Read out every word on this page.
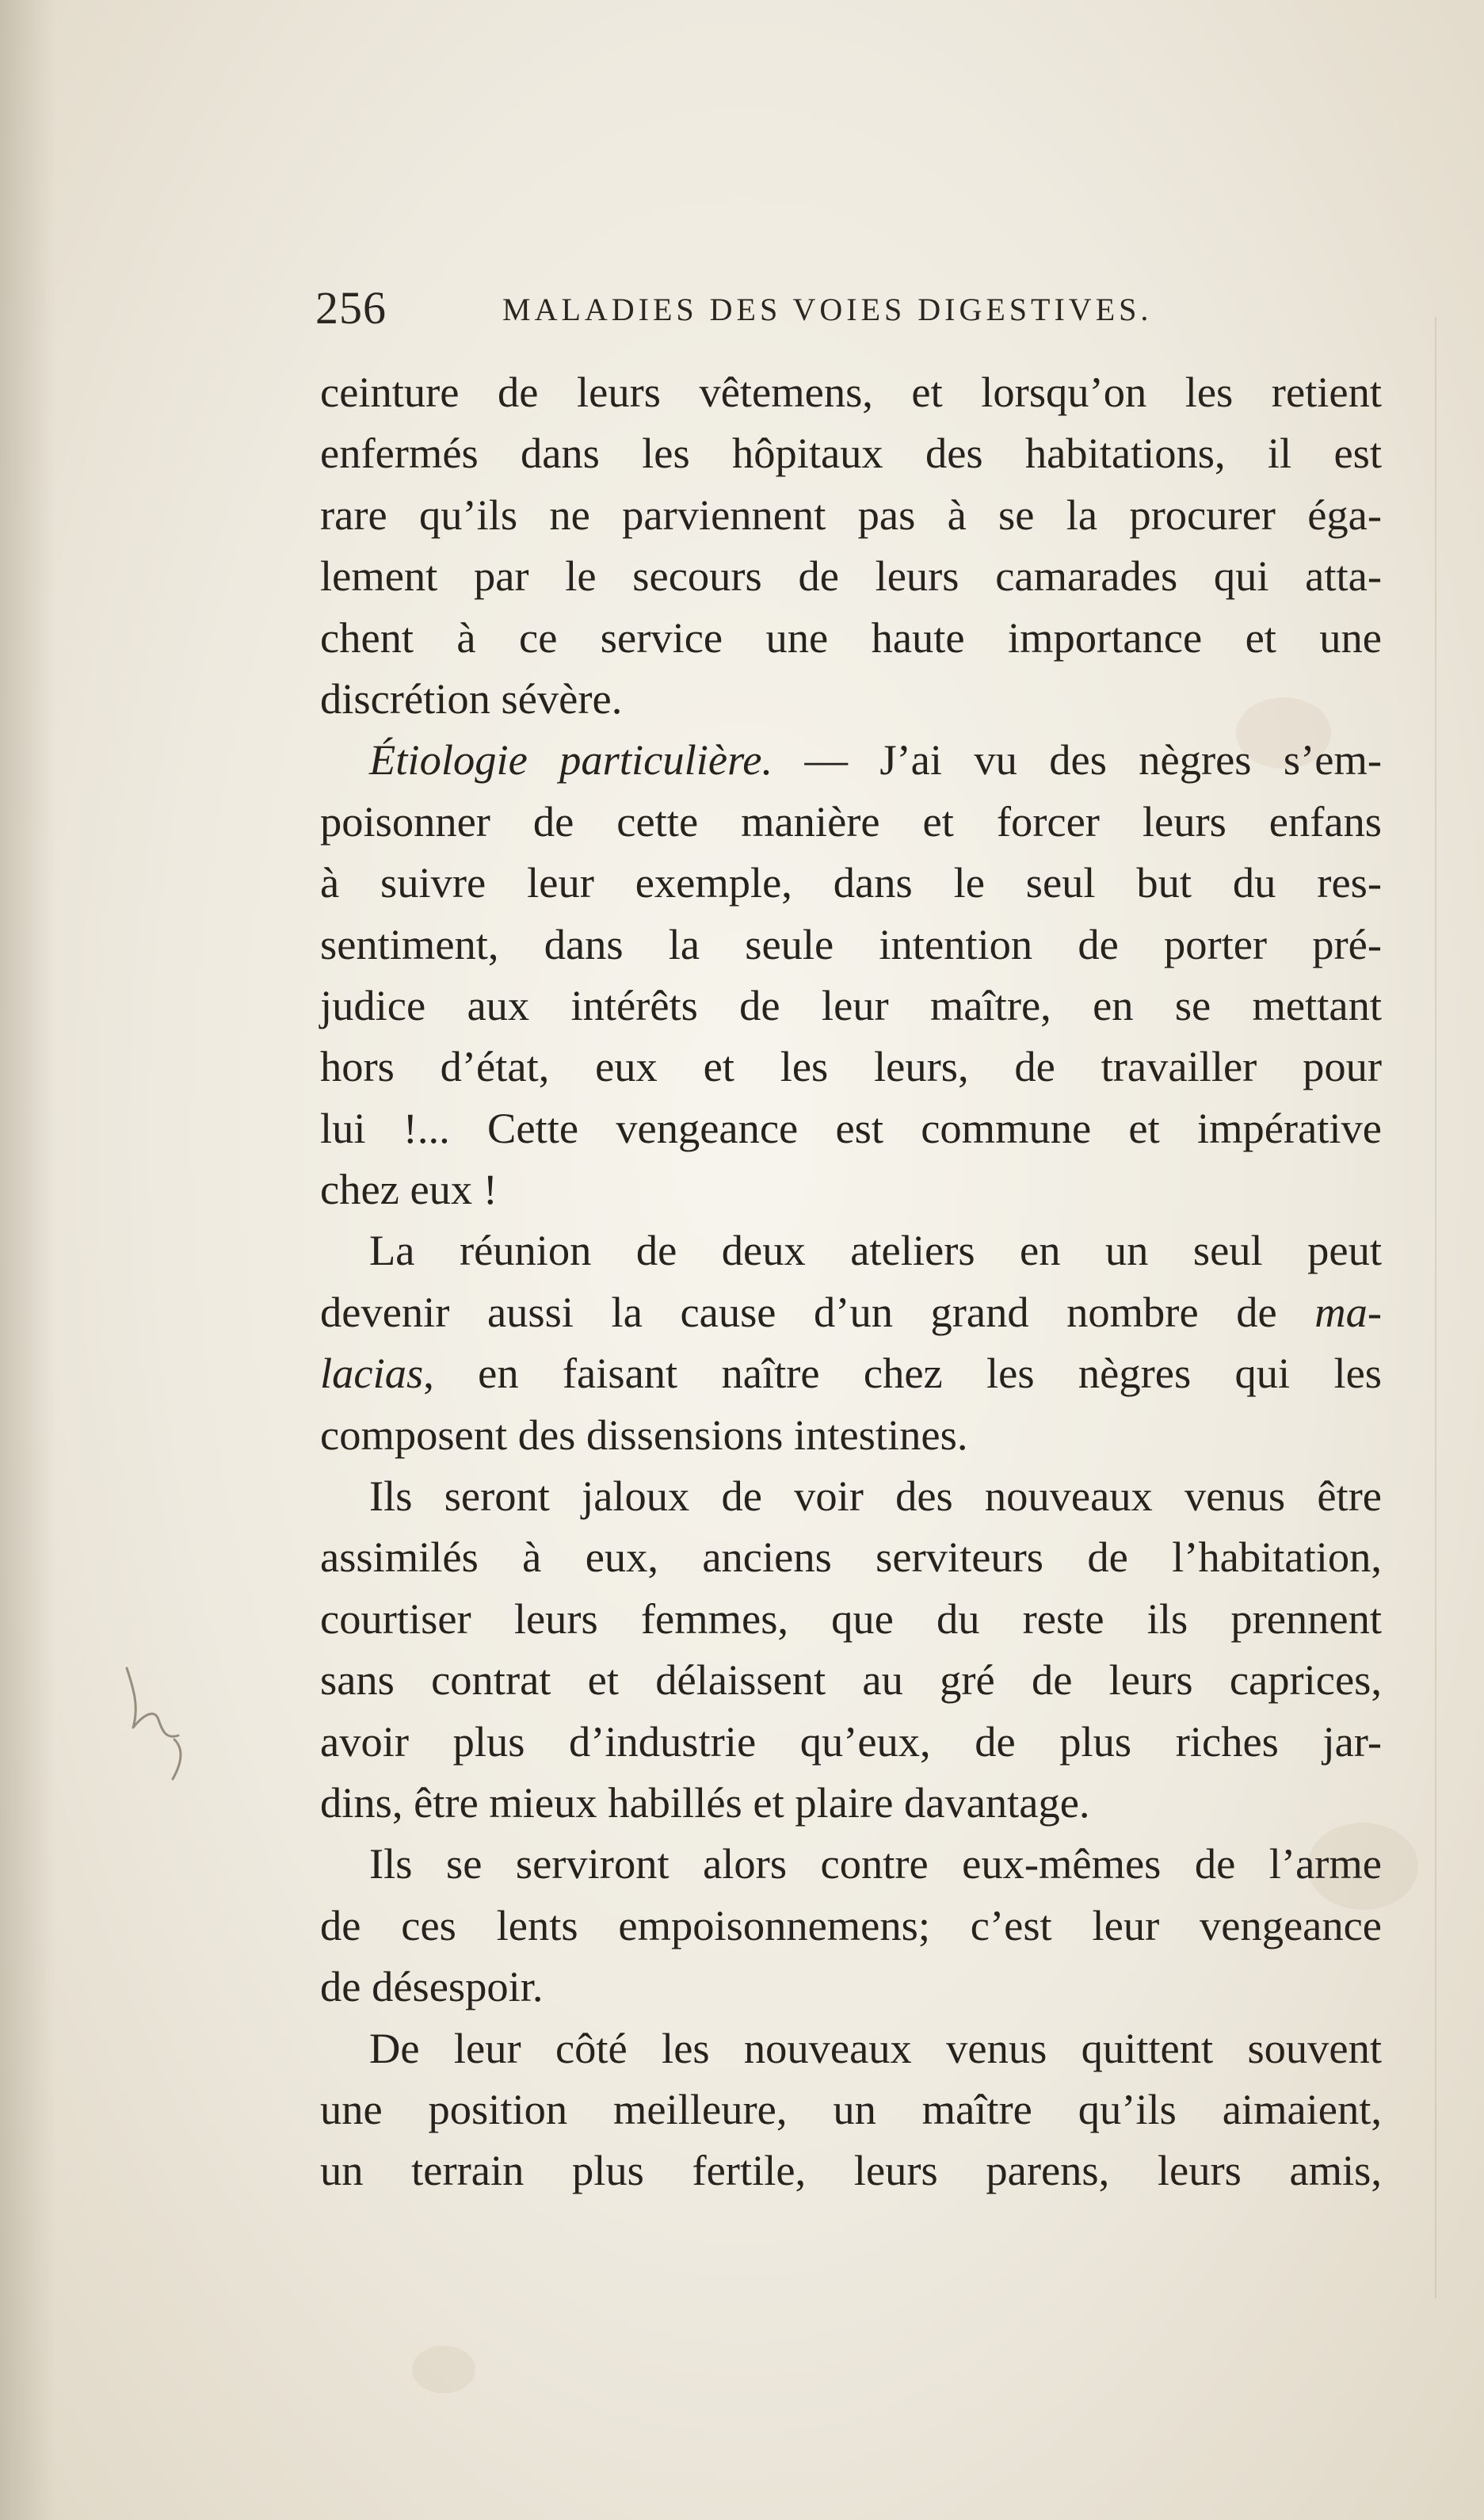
256	MALADIES DES VOIES DIGESTIVES.
ceinture de leurs vêtemens, et lorsqu’on les retient
enfermés dans les hôpitaux des habitations, il est
rare qu’ils ne parviennent pas à se la procurer éga-
lement par le secours de leurs camarades qui atta-
chent à ce service une haute importance et une
discrétion sévère.
Étiologie particulière. — J’ai vu des nègres s’em-
poisonner de cette manière et forcer leurs enfans
à suivre leur exemple, dans le seul but du res-
sentiment, dans la seule intention de porter pré-
judice aux intérêts de leur maître, en se mettant
hors d’état, eux et les leurs, de travailler pour
lui !... Cette vengeance est commune et impérative
chez eux !
La réunion de deux ateliers en un seul peut
devenir aussi la cause d’un grand nombre de ma-
lacias, en faisant naître chez les nègres qui les
composent des dissensions intestines.
Ils seront jaloux de voir des nouveaux venus être
assimilés à eux, anciens serviteurs de l’habitation,
courtiser leurs femmes, que du reste ils prennent
sans contrat et délaissent au gré de leurs caprices,
avoir plus d’industrie qu’eux, de plus riches jar-
dins, être mieux habillés et plaire davantage.
Ils se serviront alors contre eux-mêmes de l’arme
de ces lents empoisonnemens; c’est leur vengeance
de désespoir.
De leur côté les nouveaux venus quittent souvent
une position meilleure, un maître qu’ils aimaient,
un terrain plus fertile, leurs parens, leurs amis,
